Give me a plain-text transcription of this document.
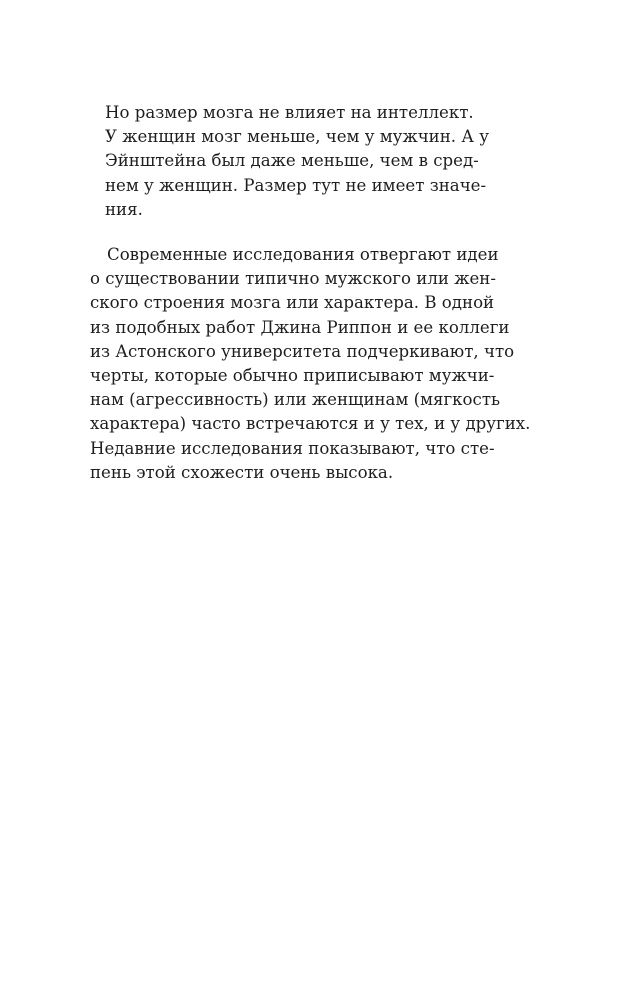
Но размер мозга не влияет на интеллект.
У женщин мозг меньше, чем у мужчин. А у
Эйнштейна был даже меньше, чем в сред-
нем у женщин. Размер тут не имеет значе-
ния.
Современные исследования отвергают идеи
о существовании типично мужского или жен-
ского строения мозга или характера. В одной
из подобных работ Джина Риппон и ее коллеги
из Астонского университета подчеркивают, что
черты, которые обычно приписывают мужчи-
нам (агрессивность) или женщинам (мягкость
характера) часто встречаются и у тех, и у других.
Недавние исследования показывают, что сте-
пень этой схожести очень высока.
